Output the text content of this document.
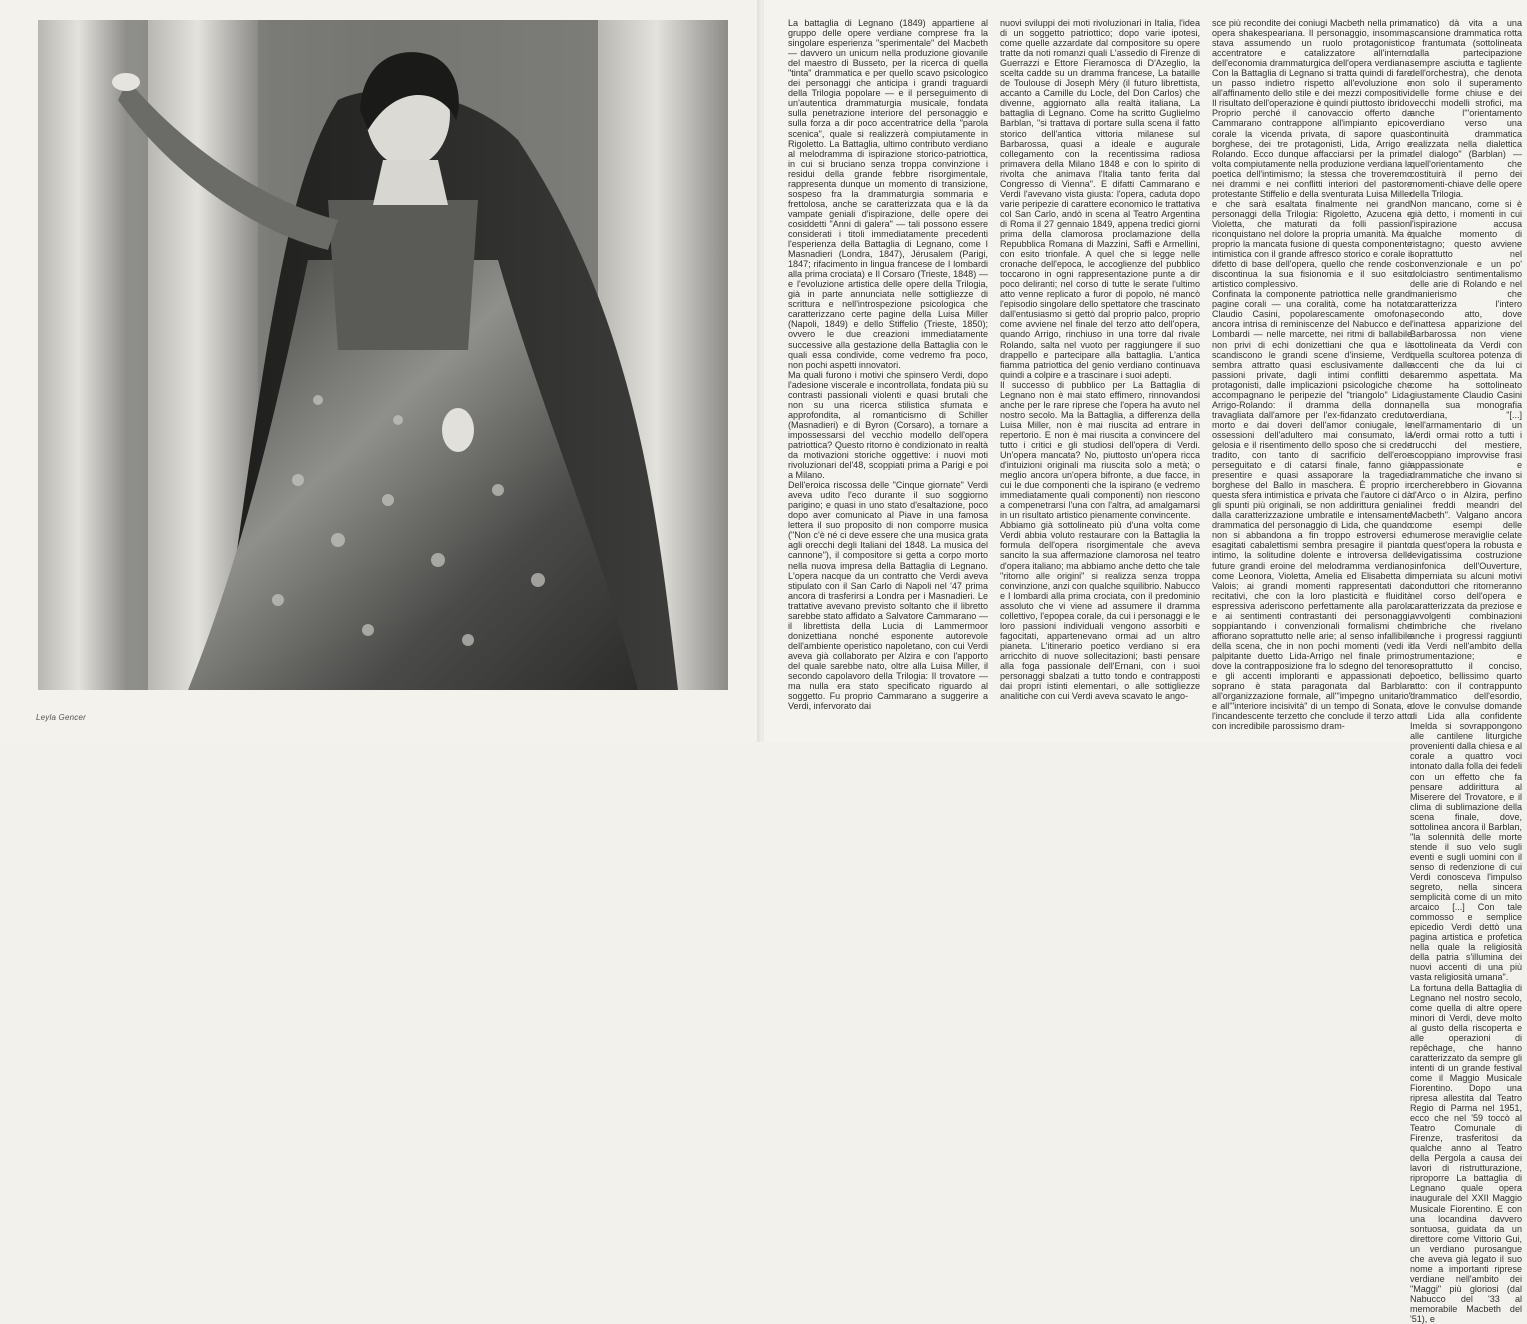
Leyla Gencer

La battaglia di Legnano (1849) appartiene al gruppo delle opere verdiane comprese fra la singolare esperienza "sperimentale" del Macbeth — davvero un unicum nella produzione giovanile del maestro di Busseto, per la ricerca di quella "tinta" drammatica e per quello scavo psicologico dei personaggi che anticipa i grandi traguardi della Trilogia popolare — e il perseguimento di un'autentica drammaturgia musicale, fondata sulla penetrazione interiore del personaggio e sulla forza a dir poco accentratrice della "parola scenica", quale si realizzerà compiutamente in Rigoletto. La Battaglia, ultimo contributo verdiano al melodramma di ispirazione storico-patriottica, in cui si bruciano senza troppa convinzione i residui della grande febbre risorgimentale, rappresenta dunque un momento di transizione, sospeso fra la drammaturgia sommaria e frettolosa, anche se caratterizzata qua e là da vampate geniali d'ispirazione, delle opere dei cosiddetti "Anni di galera" — tali possono essere considerati i titoli immediatamente precedenti l'esperienza della Battaglia di Legnano, come I Masnadieri (Londra, 1847), Jérusalem (Parigi, 1847; rifacimento in lingua francese de I lombardi alla prima crociata) e Il Corsaro (Trieste, 1848) — e l'evoluzione artistica delle opere della Trilogia, già in parte annunciata nelle sottigliezze di scrittura e nell'introspezione psicologica che caratterizzano certe pagine della Luisa Miller (Napoli, 1849) e dello Stiffelio (Trieste, 1850); ovvero le due creazioni immediatamente successive alla gestazione della Battaglia con le quali essa condivide, come vedremo fra poco, non pochi aspetti innovatori.

Ma quali furono i motivi che spinsero Verdi, dopo l'adesione viscerale e incontrollata, fondata più su contrasti passionali violenti e quasi brutali che non su una ricerca stilistica sfumata e approfondita, al romanticismo di Schiller (Masnadieri) e di Byron (Corsaro), a tornare a impossessarsi del vecchio modello dell'opera patriottica? Questo ritorno è condizionato in realtà da motivazioni storiche oggettive: i nuovi moti rivoluzionari del'48, scoppiati prima a Parigi e poi a Milano.

Dell'eroica riscossa delle "Cinque giornate" Verdi aveva udito l'eco durante il suo soggiorno parigino; e quasi in uno stato d'esaltazione, poco dopo aver comunicato al Piave in una famosa lettera il suo proposito di non comporre musica ("Non c'è né ci deve essere che una musica grata agli orecchi degli Italiani del 1848. La musica del cannone"), il compositore si getta a corpo morto nella nuova impresa della Battaglia di Legnano. L'opera nacque da un contratto che Verdi aveva stipulato con il San Carlo di Napoli nel '47 prima ancora di trasferirsi a Londra per i Masnadieri. Le trattative avevano previsto soltanto che il libretto sarebbe stato affidato a Salvatore Cammarano — il librettista della Lucia di Lammermoor donizettiana nonché esponente autorevole dell'ambiente operistico napoletano, con cui Verdi aveva già collaborato per Alzira e con l'apporto del quale sarebbe nato, oltre alla Luisa Miller, il secondo capolavoro della Trilogia: Il trovatore — ma nulla era stato specificato riguardo al soggetto. Fu proprio Cammarano a suggerire a Verdi, infervorato dai

nuovi sviluppi dei moti rivoluzionari in Italia, l'idea di un soggetto patriottico; dopo varie ipotesi, come quelle azzardate dal compositore su opere tratte da noti romanzi quali L'assedio di Firenze di Guerrazzi e Ettore Fieramosca di D'Azeglio, la scelta cadde su un dramma francese, La bataille de Toulouse di Joseph Méry (il futuro librettista, accanto a Camille du Locle, del Don Carlos) che divenne, aggiornato alla realtà italiana, La battaglia di Legnano. Come ha scritto Guglielmo Barblan, "si trattava di portare sulla scena il fatto storico dell'antica vittoria milanese sul Barbarossa, quasi a ideale e augurale collegamento con la recentissima radiosa primavera della Milano 1848 e con lo spirito di rivolta che animava l'Italia tanto ferita dal Congresso di Vienna". E difatti Cammarano e Verdi l'avevano vista giusta: l'opera, caduta dopo varie peripezie di carattere economico le trattativa col San Carlo, andò in scena al Teatro Argentina di Roma il 27 gennaio 1849, appena tredici giorni prima della clamorosa proclamazione della Repubblica Romana di Mazzini, Saffi e Armellini, con esito trionfale. A quel che si legge nelle cronache dell'epoca, le accoglienze del pubblico toccarono in ogni rappresentazione punte a dir poco deliranti; nel corso di tutte le serate l'ultimo atto venne replicato a furor di popolo, né mancò l'episodio singolare dello spettatore che trascinato dall'entusiasmo si gettò dal proprio palco, proprio come avviene nel finale del terzo atto dell'opera, quando Arrigo, rinchiuso in una torre dal rivale Rolando, salta nel vuoto per raggiungere il suo drappello e partecipare alla battaglia. L'antica fiamma patriottica del genio verdiano continuava quindi a colpire e a trascinare i suoi adepti.

Il successo di pubblico per La Battaglia di Legnano non è mai stato effimero, rinnovandosi anche per le rare riprese che l'opera ha avuto nel nostro secolo. Ma la Battaglia, a differenza della Luisa Miller, non è mai riuscita ad entrare in repertorio. E non è mai riuscita a convincere del tutto i critici e gli studiosi dell'opera di Verdi. Un'opera mancata? No, piuttosto un'opera ricca d'intuizioni originali ma riuscita solo a metà; o meglio ancora un'opera bifronte, a due facce, in cui le due componenti che la ispirano (e vedremo immediatamente quali componenti) non riescono a compenetrarsi l'una con l'altra, ad amalgamarsi in un risultato artistico pienamente convincente.

Abbiamo già sottolineato più d'una volta come Verdi abbia voluto restaurare con la Battaglia la formula dell'opera risorgimentale che aveva sancito la sua affermazione clamorosa nel teatro d'opera italiano; ma abbiamo anche detto che tale "ritorno alle origini" si realizza senza troppa convinzione, anzi con qualche squilibrio. Nabucco e I lombardi alla prima crociata, con il predominio assoluto che vi viene ad assumere il dramma collettivo, l'epopea corale, da cui i personaggi e le loro passioni individuali vengono assorbiti e fagocitati, appartenevano ormai ad un altro pianeta. L'itinerario poetico verdiano si era arricchito di nuove sollecitazioni; basti pensare alla foga passionale dell'Ernani, con i suoi personaggi sbalzati a tutto tondo e contrapposti dai propri istinti elementari, o alle sottigliezze analitiche con cui Verdi aveva scavato le ango-

sce più recondite dei coniugi Macbeth nella prima opera shakespeariana. Il personaggio, insomma, stava assumendo un ruolo protagonistico, accentratore e catalizzatore all'interno dell'economia drammaturgica dell'opera verdiana. Con la Battaglia di Legnano si tratta quindi di fare un passo indietro rispetto all'evoluzione e all'affinamento dello stile e dei mezzi compositivi. Il risultato dell'operazione è quindi piuttosto ibrido. Proprio perché il canovaccio offerto da Cammarano contrappone all'impianto epico-corale la vicenda privata, di sapore quasi borghese, dei tre protagonisti, Lida, Arrigo e Rolando. Ecco dunque affacciarsi per la prima volta compiutamente nella produzione verdiana la poetica dell'intimismo; la stessa che troveremo nei drammi e nei conflitti interiori del pastore protestante Stiffelio e della sventurata Luisa Miller e che sarà esaltata finalmente nei grandi personaggi della Trilogia: Rigoletto, Azucena e Violetta, che maturati da folli passioni riconquistano nel dolore la propria umanità. Ma è proprio la mancata fusione di questa componente intimistica con il grande affresco storico e corale il difetto di base dell'opera, quello che rende così discontinua la sua fisionomia e il suo esito artistico complessivo.

Confinata la componente patriottica nelle grandi pagine corali — una coralità, come ha notato Claudio Casini, popolarescamente omofona, ancora intrisa di reminiscenze del Nabucco e dei Lombardi — nelle marcette, nei ritmi di ballabile non privi di echi donizettiani che qua e là scandiscono le grandi scene d'insieme, Verdi sembra attratto quasi esclusivamente dalle passioni private, dagli intimi conflitti dei protagonisti, dalle implicazioni psicologiche che accompagnano le peripezie del "triangolo" Lida-Arrigo-Rolando: il dramma della donna, travagliata dall'amore per l'ex-fidanzato creduto morto e dai doveri dell'amor coniugale, le ossessioni dell'adultero mai consumato, la gelosia e il risentimento dello sposo che si crede tradito, con tanto di sacrificio dell'eroe perseguitato e di catarsi finale, fanno già presentire e quasi assaporare la tragedia borghese del Ballo in maschera. È proprio in questa sfera intimistica e privata che l'autore ci dà gli spunti più originali, se non addirittura geniali: dalla caratterizzazione umbratile e intensamente drammatica del personaggio di Lida, che quando non si abbandona a fin troppo estroversi ed esagitati cabalettismi sembra presagire il pianto intimo, la solitudine dolente e introversa delle future grandi eroine del melodramma verdiano, come Leonora, Violetta, Amelia ed Elisabetta di Valois; ai grandi momenti rappresentati dai recitativi, che con la loro plasticità e fluidità espressiva aderiscono perfettamente alla parola e ai sentimenti contrastanti dei personaggi, soppiantando i convenzionali formalismi che affiorano soprattutto nelle arie; al senso infallibile della scena, che in non pochi momenti (vedi il palpitante duetto Lida-Arrigo nel finale primo, dove la contrapposizione fra lo sdegno del tenore e gli accenti imploranti e appassionati del soprano è stata paragonata dal Barblan all'organizzazione formale, all'"impegno unitario" e all'"interiore incisività" di un tempo di Sonata, e l'incandescente terzetto che conclude il terzo atto con incredibile parossismo dram-

matico) dà vita a una scansione drammatica rotta e frantumata (sottolineata dalla partecipazione sempre asciutta e tagliente dell'orchestra), che denota non solo il superamento delle forme chiuse e dei vecchi modelli strofici, ma anche l'"orientamento verdiano verso una continuità drammatica realizzata nella dialettica del dialogo" (Barblan) — quell'orientamento che costituirà il perno dei momenti-chiave delle opere della Trilogia.

Non mancano, come si è già detto, i momenti in cui l'ispirazione accusa qualche momento di ristagno; questo avviene soprattutto nel convenzionale e un po' dolciastro sentimentalismo delle arie di Rolando e nel manierismo che caratterizza l'intero secondo atto, dove l'inattesa apparizione del Barbarossa non viene sottolineata da Verdi con quella scultorea potenza di accenti che da lui ci saremmo aspettata. Ma come ha sottolineato giustamente Claudio Casini nella sua monografia verdiana, "[...] nell'armamentario di un Verdi ormai rotto a tutti i trucchi del mestiere, scoppiano improvvise frasi appassionate e drammatiche che invano si cercherebbero in Giovanna d'Arco o in Alzira, perfino nei freddi meandri del Macbeth". Valgano ancora come esempi delle numerose meraviglie celate da quest'opera la robusta e levigatissima costruzione sinfonica dell'Ouverture, imperniata su alcuni motivi conduttori che ritorneranno nel corso dell'opera e caratterizzata da preziose e avvolgenti combinazioni timbriche che rivelano anche i progressi raggiunti da Verdi nell'ambito della strumentazione; e soprattutto il conciso, poetico, bellissimo quarto atto: con il contrappunto drammatico dell'esordio, dove le convulse domande di Lida alla confidente Imelda si sovrappongono alle cantilene liturgiche provenienti dalla chiesa e al corale a quattro voci intonato dalla folla dei fedeli con un effetto che fa pensare addirittura al Miserere del Trovatore, e il clima di sublimazione della scena finale, dove, sottolinea ancora il Barblan, "la solennità delle morte stende il suo velo sugli eventi e sugli uomini con il senso di redenzione di cui Verdi conosceva l'impulso segreto, nella sincera semplicità come di un mito arcaico [...] Con tale commosso e semplice epicedio Verdi dettò una pagina artistica e profetica nella quale la religiosità della patria s'illumina dei nuovi accenti di una più vasta religiosità umana".

La fortuna della Battaglia di Legnano nel nostro secolo, come quella di altre opere minori di Verdi, deve molto al gusto della riscoperta e alle operazioni di repêchage, che hanno caratterizzato da sempre gli intenti di un grande festival come il Maggio Musicale Fiorentino. Dopo una ripresa allestita dal Teatro Regio di Parma nel 1951, ecco che nel '59 toccò al Teatro Comunale di Firenze, trasferitosi da qualche anno al Teatro della Pergola a causa dei lavori di ristrutturazione, riproporre La battaglia di Legnano quale opera inaugurale del XXII Maggio Musicale Fiorentino. E con una locandina davvero sontuosa, guidata da un direttore come Vittorio Gui, un verdiano purosangue che aveva già legato il suo nome a importanti riprese verdiane nell'ambito dei "Maggi" più gloriosi (dal Nabucco del '33 al memorabile Macbeth del '51), e
